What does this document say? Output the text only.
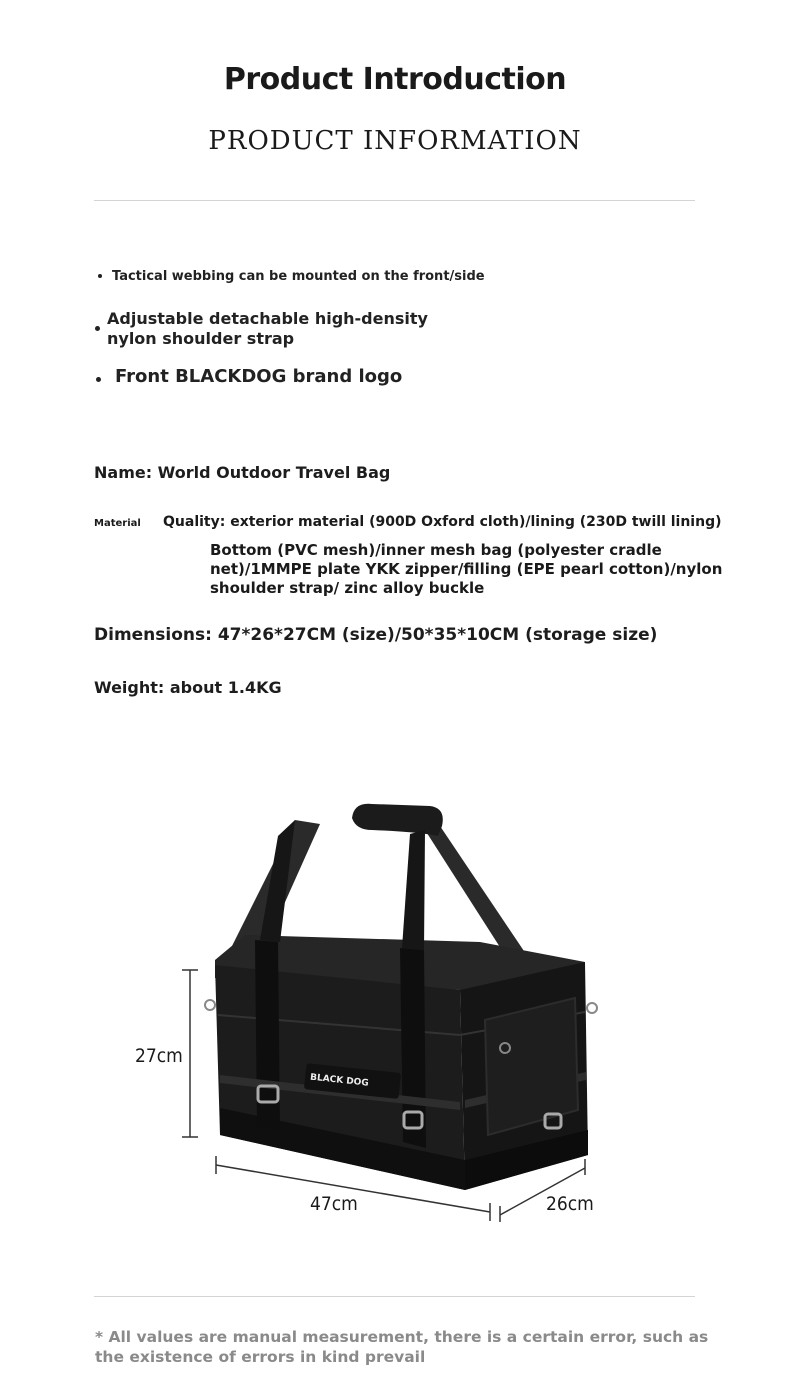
Product Introduction
PRODUCT INFORMATION
Tactical webbing can be mounted on the front/side
Adjustable detachable high-density
nylon shoulder strap
Front BLACKDOG brand logo
Name: World Outdoor Travel Bag
Material Quality: exterior material (900D Oxford cloth)/lining (230D twill lining)
Bottom (PVC mesh)/inner mesh bag (polyester cradle net)/1MMPE plate YKK zipper/filling (EPE pearl cotton)/nylon shoulder strap/ zinc alloy buckle
Dimensions: 47*26*27CM (size)/50*35*10CM (storage size)
Weight: about 1.4KG
BLACK DOG
27cm
47cm	26cm
* All values are manual measurement, there is a certain error, such as the existence of errors in kind prevail
